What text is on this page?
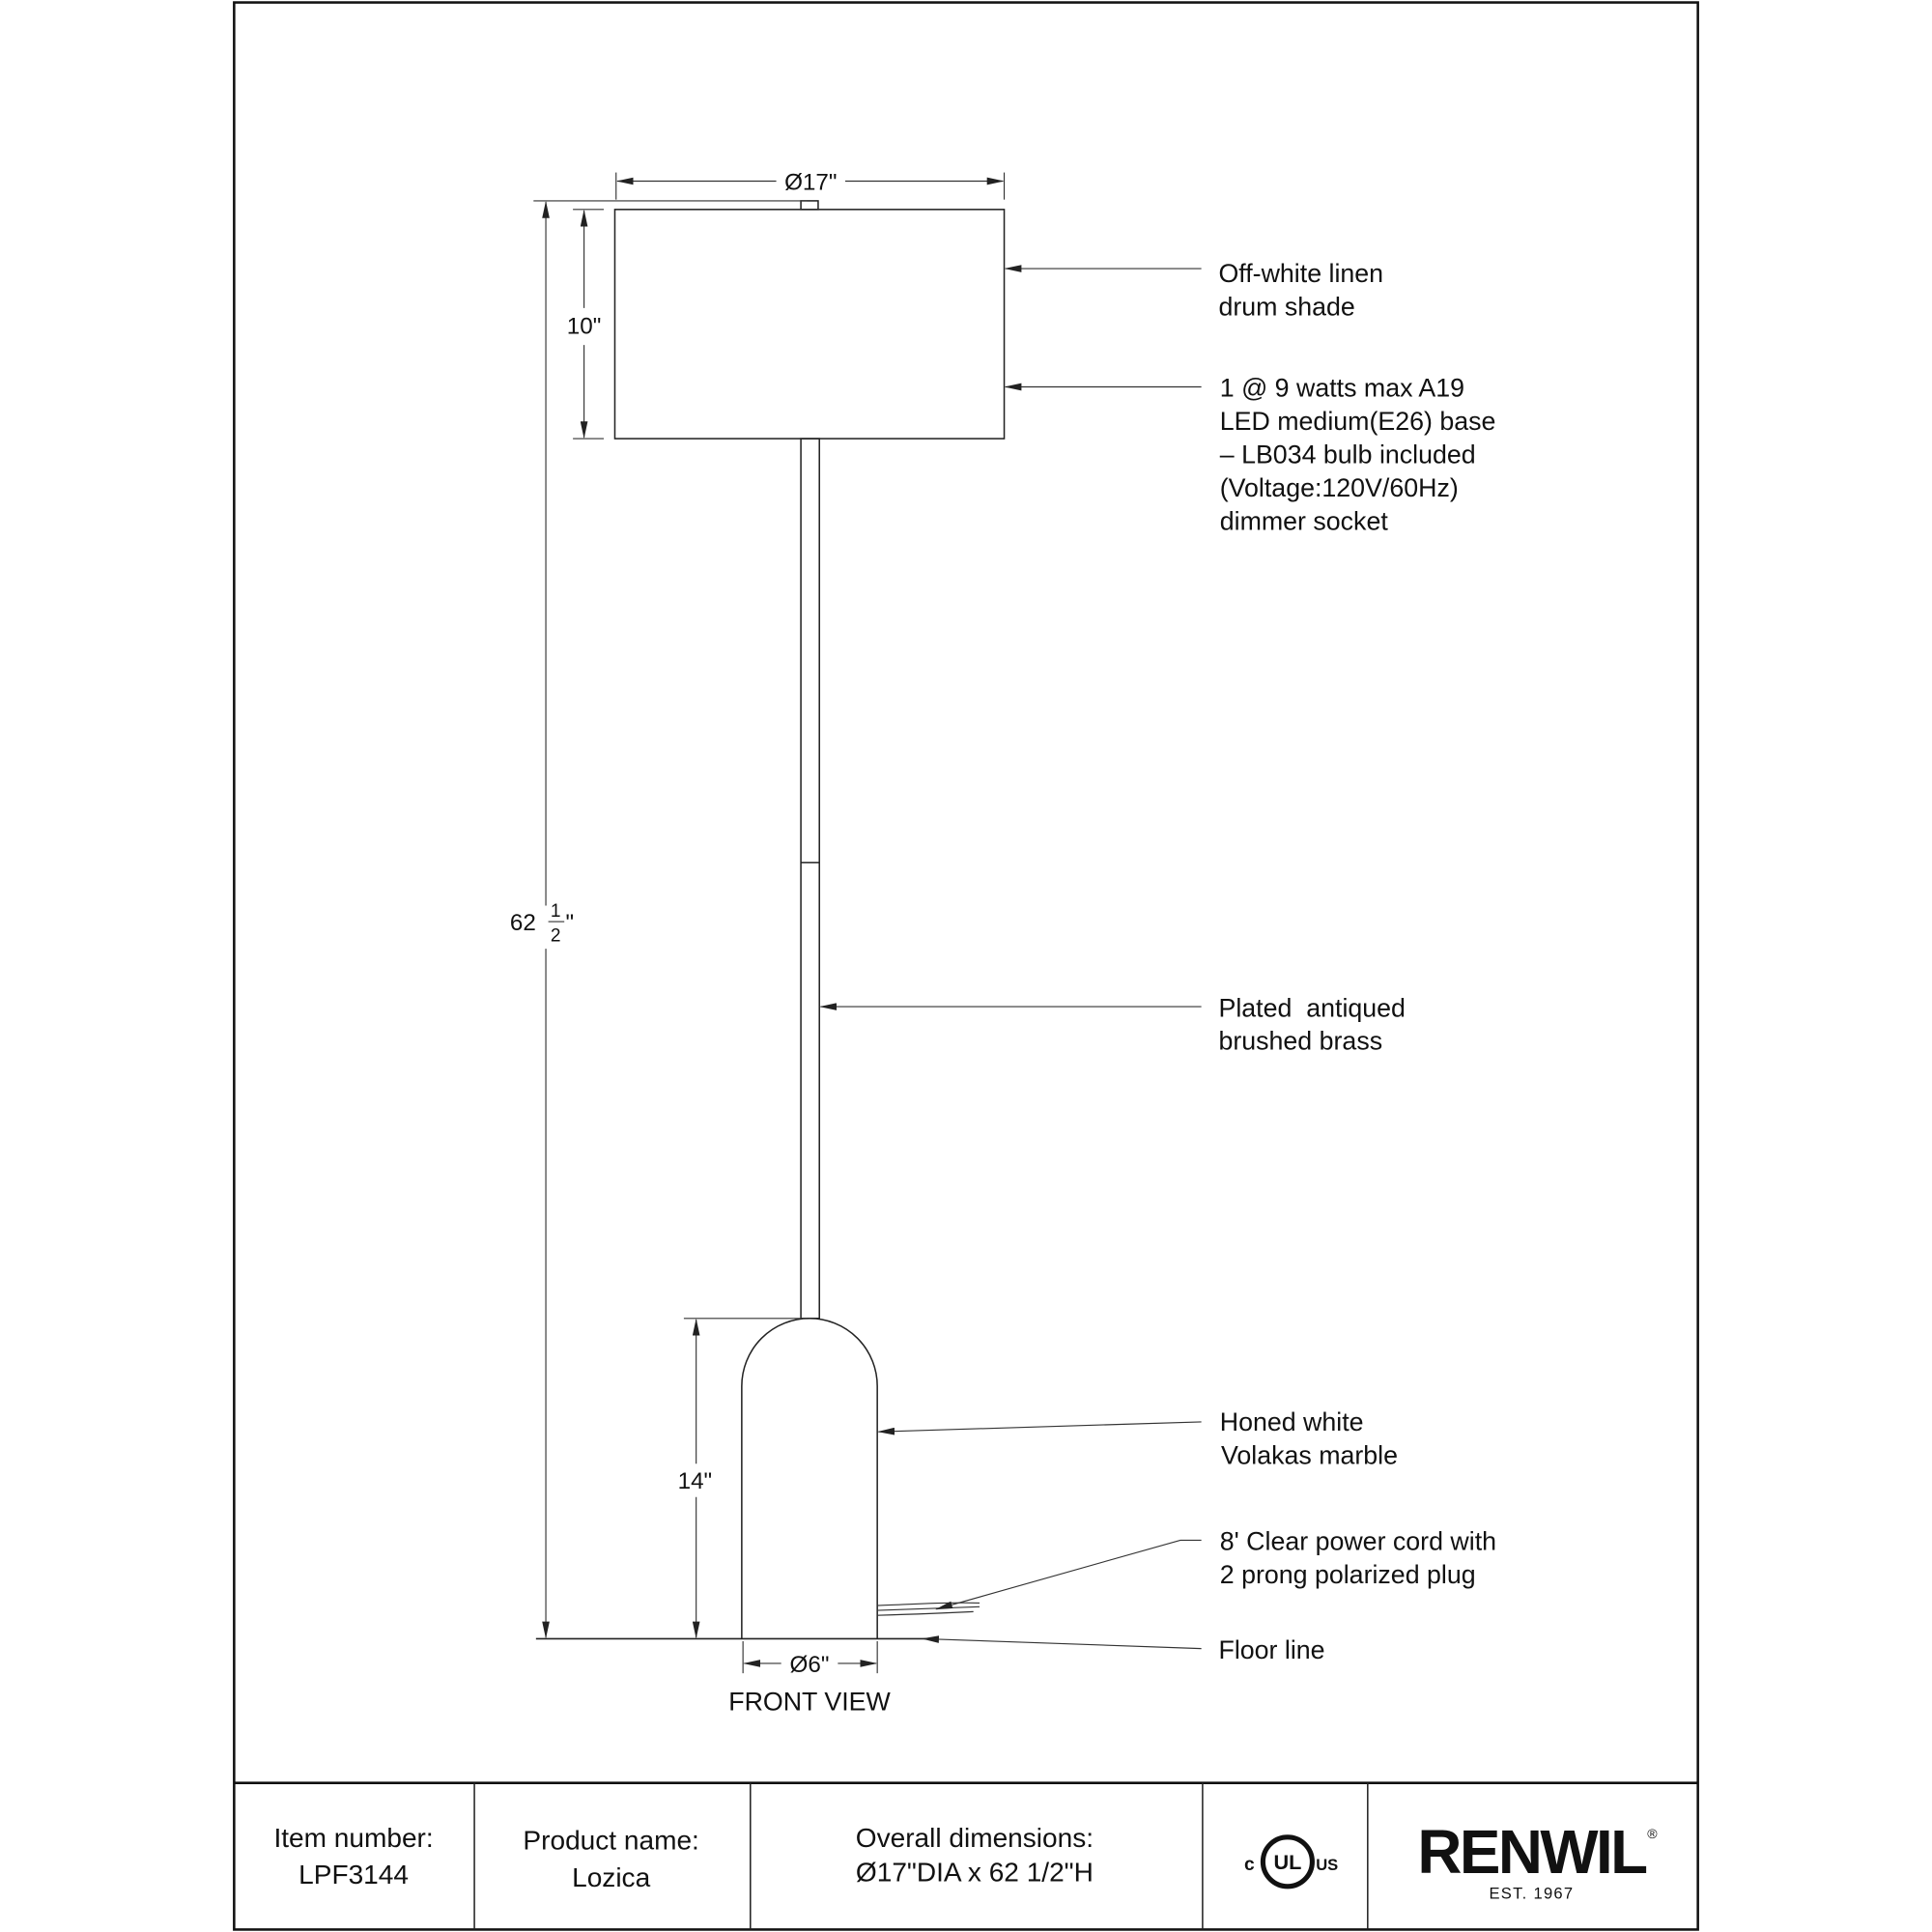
Ø17"
62 1
2 "
10"
14"
Ø6"
FRONT VIEW
Off-white linen
drum shade
1 @ 9 watts max A19
LED medium(E26) base
– LB034 bulb included
(Voltage:120V/60Hz)
dimmer socket
Plated  antiqued
brushed brass
Honed white
Volakas marble
8' Clear power cord with
2 prong polarized plug
Floor line
Item number:
LPF3144
Product name:
Lozica
Overall dimensions:
Ø17"DIA x 62 1/2"H	UL
c	US RENWIL ®
EST. 1967
